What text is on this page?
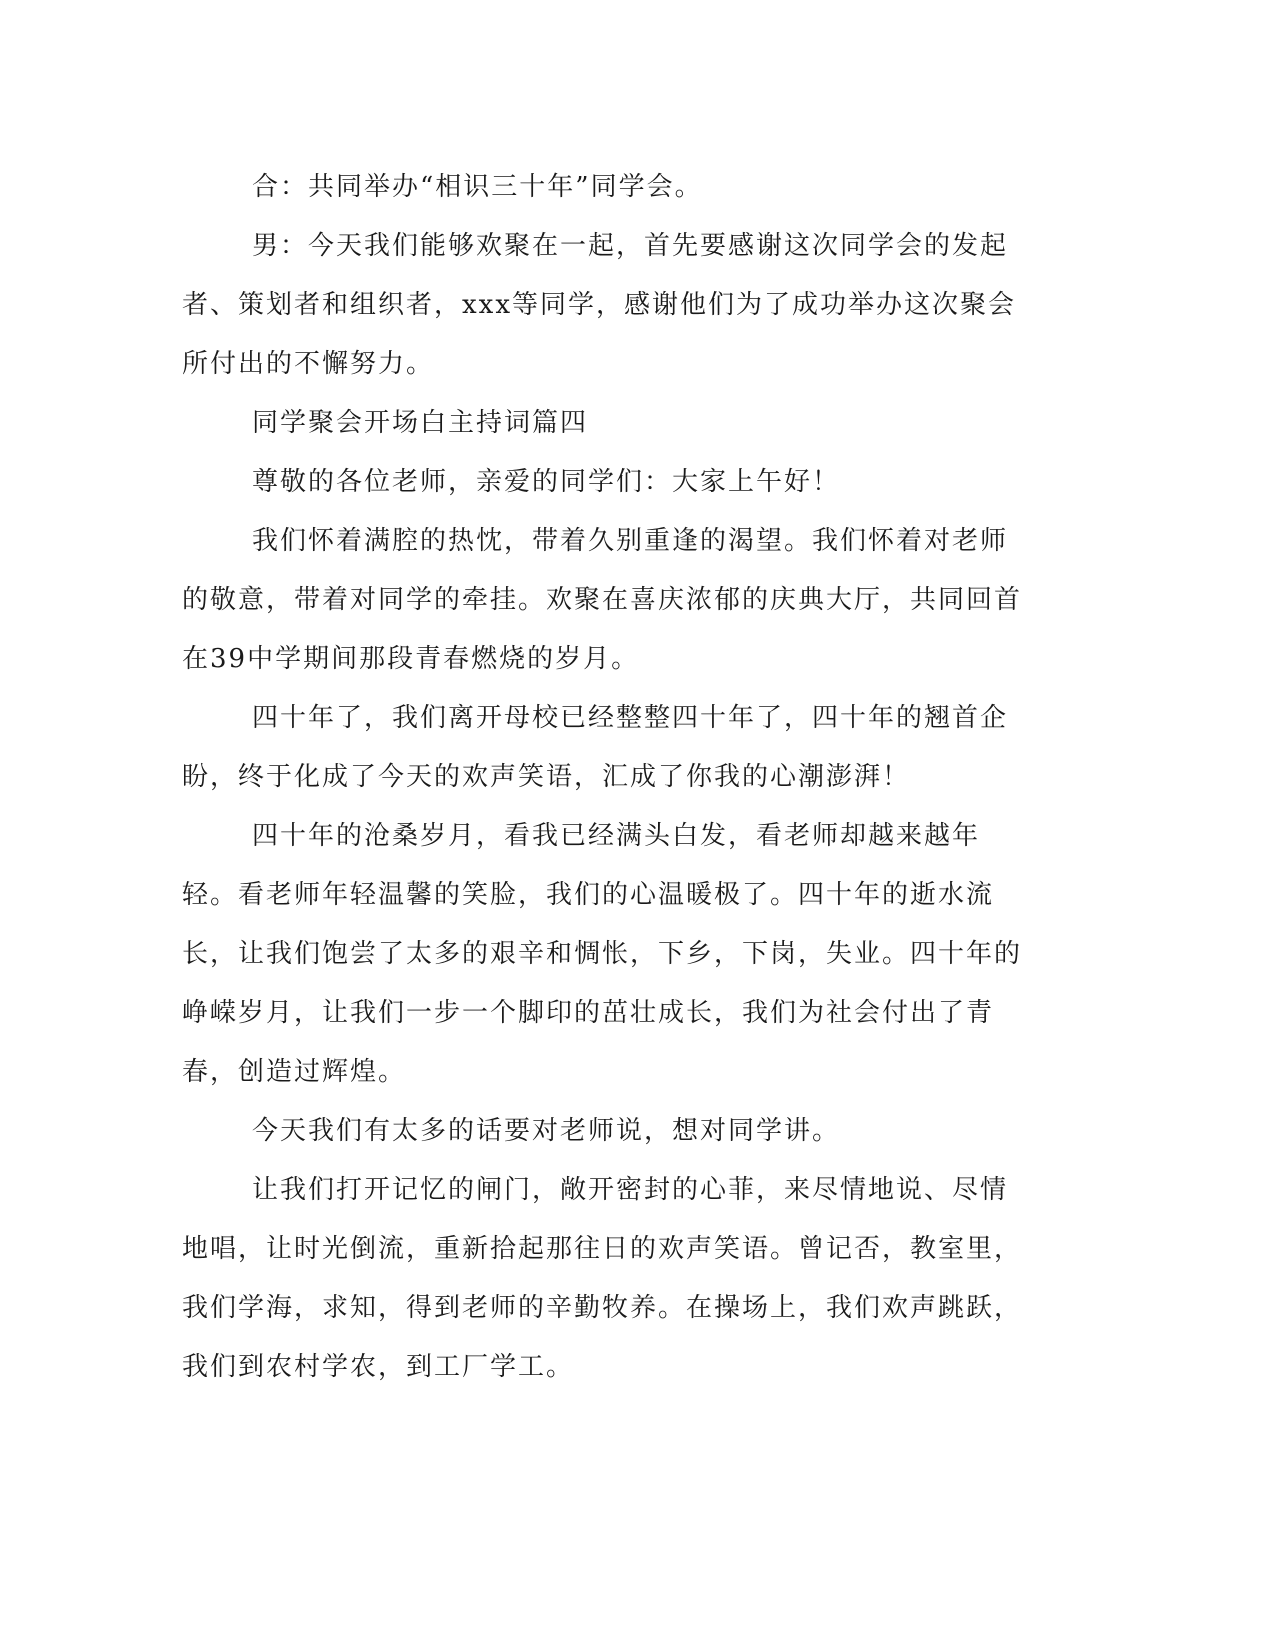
合：共同举办“相识三十年”同学会。

男：今天我们能够欢聚在一起，首先要感谢这次同学会的发起者、策划者和组织者，xxx等同学，感谢他们为了成功举办这次聚会所付出的不懈努力。

同学聚会开场白主持词篇四

尊敬的各位老师，亲爱的同学们：大家上午好！

我们怀着满腔的热忱，带着久别重逢的渴望。我们怀着对老师的敬意，带着对同学的牵挂。欢聚在喜庆浓郁的庆典大厅，共同回首在39中学期间那段青春燃烧的岁月。

四十年了，我们离开母校已经整整四十年了，四十年的翘首企盼，终于化成了今天的欢声笑语，汇成了你我的心潮澎湃！

四十年的沧桑岁月，看我已经满头白发，看老师却越来越年轻。看老师年轻温馨的笑脸，我们的心温暖极了。四十年的逝水流长，让我们饱尝了太多的艰辛和惆怅，下乡，下岗，失业。四十年的峥嵘岁月，让我们一步一个脚印的茁壮成长，我们为社会付出了青春，创造过辉煌。

今天我们有太多的话要对老师说，想对同学讲。

让我们打开记忆的闸门，敞开密封的心菲，来尽情地说、尽情地唱，让时光倒流，重新拾起那往日的欢声笑语。曾记否，教室里，我们学海，求知，得到老师的辛勤牧养。在操场上，我们欢声跳跃，我们到农村学农，到工厂学工。
